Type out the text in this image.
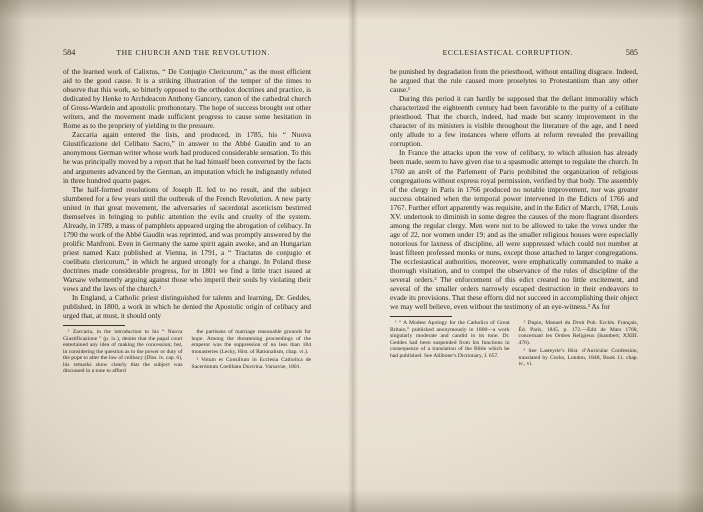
584	THE CHURCH AND THE REVOLUTION.

of the learned work of Calixtus, “ De Conjugio Clericorum,” as the most efficient aid to the good cause. It is a striking illustration of the temper of the times to observe that this work, so bitterly opposed to the orthodox doctrines and practice, is dedicated by Henke to Archdeacon Anthony Gancory, canon of the cathedral church of Gross-Wardein and apostolic prothonotary. The hope of success brought out other writers, and the movement made sufficient progress to cause some hesitation in Rome as to the propriety of yielding to the pressure.

Zaccaria again entered the lists, and produced, in 1785, his “ Nuova Giustificazione del Celibato Sacro,” in answer to the Abbé Gaudin and to an anonymous German writer whose work had produced considerable sensation. To this he was principally moved by a report that he had himself been converted by the facts and arguments advanced by the German, an imputation which he indignantly refuted in three hundred quarto pages.

The half-formed resolutions of Joseph II. led to no result, and the subject slumbered for a few years until the outbreak of the French Revolution. A new party united in that great movement, the adversaries of sacerdotal asceticism bestirred themselves in bringing to public attention the evils and cruelty of the system. Already, in 1789, a mass of pamphlets appeared urging the abrogation of celibacy. In 1790 the work of the Abbé Gaudin was reprinted, and was promptly answered by the prolific Manfroni. Even in Germany the same spirit again awoke, and an Hungarian priest named Katz published at Vienna, in 1791, a “ Tractatus de conjugio et coelibatu clericorum,” in which he argued strongly for a change. In Poland these doctrines made considerable progress, for in 1801 we find a little tract issued at Warsaw vehemently arguing against those who imperil their souls by violating their vows and the laws of the church.²

In England, a Catholic priest distinguished for talents and learning, Dr. Geddes, published, in 1800, a work in which he denied the Apostolic origin of celibacy and urged that, at most, it should only

¹ Zaccaria, in the introduction to his “ Nuova Giustificazione ” (p. ix.), denies that the papal court entertained any idea of making the concession; but, in considering the question as to the power or duty of the pope to alter the law of celibacy (Dìss. iv. cap. 6), his remarks show clearly that the subject was discussed in a tone to afford

the partisans of marriage reasonable grounds for hope. Among the threatening proceedings of the emperor was the suppression of no less than 184 monasteries (Lecky, Hist. of Rationalism, chap. vi.).

² Votum et Consilium in Ecclesia Catholica de Sacerdotum Coelibatu Doctrina. Varsaviæ, 1801.

585
ECCLESIASTICAL CORRUPTION.

be punished by degradation from the priesthood, without entailing disgrace. Indeed, he argued that the rule caused more proselytes to Protestantism than any other cause.¹

During this period it can hardly be supposed that the defiant immorality which characterized the eighteenth century had been favorable to the purity of a celibate priesthood. That the church, indeed, had made but scanty improvement in the character of its ministers is visible throughout the literature of the age, and I need only allude to a few instances where efforts at reform revealed the prevailing corruption.

In France the attacks upon the vow of celibacy, to which allusion has already been made, seem to have given rise to a spasmodic attempt to regulate the church. In 1760 an arrêt of the Parlement of Paris prohibited the organization of religious congregations without express royal permission, verified by that body. The assembly of the clergy in Paris in 1766 produced no notable improvement, nor was greater success obtained when the temporal power intervened in the Edicts of 1766 and 1767. Further effort apparently was requisite, and in the Edict of March, 1768, Louis XV. undertook to diminish in some degree the causes of the more flagrant disorders among the regular clergy. Men were not to be allowed to take the vows under the age of 22, nor women under 19; and as the smaller religious houses were especially notorious for laxness of discipline, all were suppressed which could not number at least fifteen professed monks or nuns, except those attached to larger congregations. The ecclesiastical authorities, moreover, were emphatically commanded to make a thorough visitation, and to compel the observance of the rules of discipline of the several orders.² The enforcement of this edict created no little excitement, and several of the smaller orders narrowly escaped destruction in their endeavors to evade its provisions. That these efforts did not succeed in accomplishing their object we may well believe, even without the testimony of an eye-witness.³ As for

¹ “ A Modest Apology for the Catholics of Great Britain,” published anonymously in 1800—a work singularly moderate and candid in its tone. Dr. Geddes had been suspended from his functions in consequence of a translation of the Bible which he had published. See Allibone’s Dictionary, I. 657.

² Dupin, Manuel du Droit Pub. Ecclés. Français, Éd. Paris, 1845, p. 172.—Edit de Mars 1768, concernant les Ordres Religieux (Isambert, XXIII. 476).

³ See Lasteyrie’s Hist. d’Auricular Confession, translated by Cocks, London, 1848, Book 11. chap. iv., vi.
